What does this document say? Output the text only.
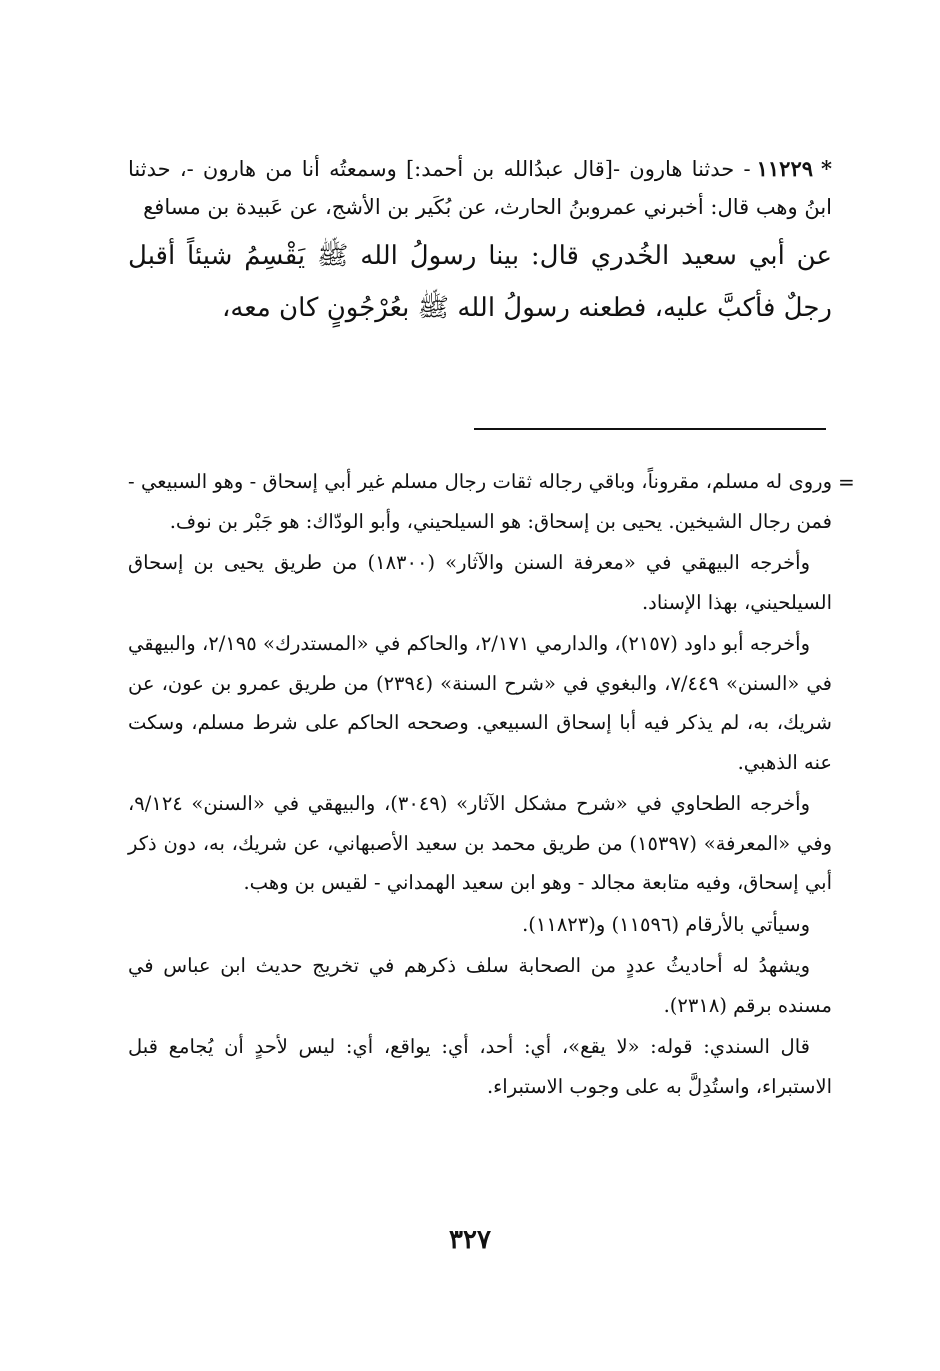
*١١٢٢٩- حدثنا هارون -[قال عبدُالله بن أحمد:] وسمعتُه أنا من هارون -، حدثنا ابنُ وهب قال: أخبرني عمروبنُ الحارث، عن بُكَير بن الأشج، عن عَبيدة بن مسافع

عن أبي سعيد الخُدري قال: بينا رسولُ الله ﷺ يَقْسِمُ شيئاً أقبل رجلٌ فأكبَّ عليه، فطعنه رسولُ الله ﷺ بعُرْجُونٍ كان معه،

=

وروى له مسلم، مقروناً، وباقي رجاله ثقات رجال مسلم غير أبي إسحاق - وهو السبيعي - فمن رجال الشيخين. يحيى بن إسحاق: هو السيلحيني، وأبو الودّاك: هو جَبْر بن نوف.

وأخرجه البيهقي في «معرفة السنن والآثار» (١٨٣٠٠) من طريق يحيى بن إسحاق السيلحيني، بهذا الإسناد.

وأخرجه أبو داود (٢١٥٧)، والدارمي ٢/١٧١، والحاكم في «المستدرك» ٢/١٩٥، والبيهقي في «السنن» ٧/٤٤٩، والبغوي في «شرح السنة» (٢٣٩٤) من طريق عمرو بن عون، عن شريك، به، لم يذكر فيه أبا إسحاق السبيعي. وصححه الحاكم على شرط مسلم، وسكت عنه الذهبي.

وأخرجه الطحاوي في «شرح مشكل الآثار» (٣٠٤٩)، والبيهقي في «السنن» ٩/١٢٤، وفي «المعرفة» (١٥٣٩٧) من طريق محمد بن سعيد الأصبهاني، عن شريك، به، دون ذكر أبي إسحاق، وفيه متابعة مجالد - وهو ابن سعيد الهمداني - لقيس بن وهب.

وسيأتي بالأرقام (١١٥٩٦) و(١١٨٢٣).

ويشهدُ له أحاديثُ عددٍ من الصحابة سلف ذكرهم في تخريج حديث ابن عباس في مسنده برقم (٢٣١٨).

قال السندي: قوله: «لا يقع»، أي: أحد، أي: يواقع، أي: ليس لأحدٍ أن يُجامع قبل الاستبراء، واستُدِلَّ به على وجوب الاستبراء.

٣٢٧
